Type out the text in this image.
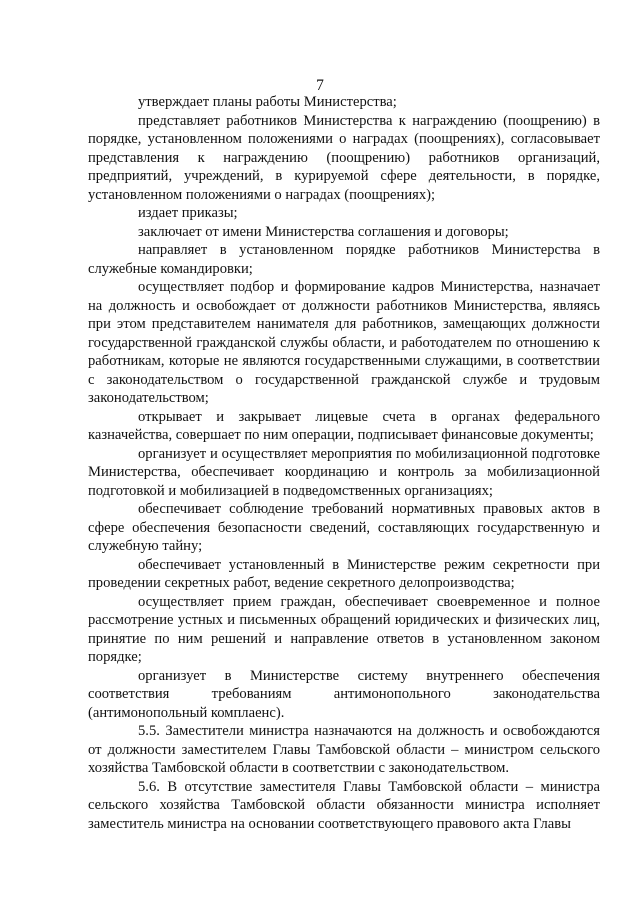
7

утверждает планы работы Министерства;

представляет работников Министерства к награждению (поощрению) в порядке, установленном положениями о наградах (поощрениях), согласовывает представления к награждению (поощрению) работников организаций, предприятий, учреждений, в курируемой сфере деятельности, в порядке, установленном положениями о наградах (поощрениях);

издает приказы;

заключает от имени Министерства соглашения и договоры;

направляет в установленном порядке работников Министерства в служебные командировки;

осуществляет подбор и формирование кадров Министерства, назначает на должность и освобождает от должности работников Министерства, являясь при этом представителем нанимателя для работников, замещающих должности государственной гражданской службы области, и работодателем по отношению к работникам, которые не являются государственными служащими, в соответствии с законодательством о государственной гражданской службе и трудовым законодательством;

открывает и закрывает лицевые счета в органах федерального казначейства, совершает по ним операции, подписывает финансовые документы;

организует и осуществляет мероприятия по мобилизационной подготовке Министерства, обеспечивает координацию и контроль за мобилизационной подготовкой и мобилизацией в подведомственных организациях;

обеспечивает соблюдение требований нормативных правовых актов в сфере обеспечения безопасности сведений, составляющих государственную и служебную тайну;

обеспечивает установленный в Министерстве режим секретности при проведении секретных работ, ведение секретного делопроизводства;

осуществляет прием граждан, обеспечивает своевременное и полное рассмотрение устных и письменных обращений юридических и физических лиц, принятие по ним решений и направление ответов в установленном законом порядке;

организует в Министерстве систему внутреннего обеспечения соответствия требованиям антимонопольного законодательства (антимонопольный комплаенс).

5.5. Заместители министра назначаются на должность и освобождаются от должности заместителем Главы Тамбовской области – министром сельского хозяйства Тамбовской области в соответствии с законодательством.

5.6. В отсутствие заместителя Главы Тамбовской области – министра сельского хозяйства Тамбовской области обязанности министра исполняет заместитель министра на основании соответствующего правового акта Главы
